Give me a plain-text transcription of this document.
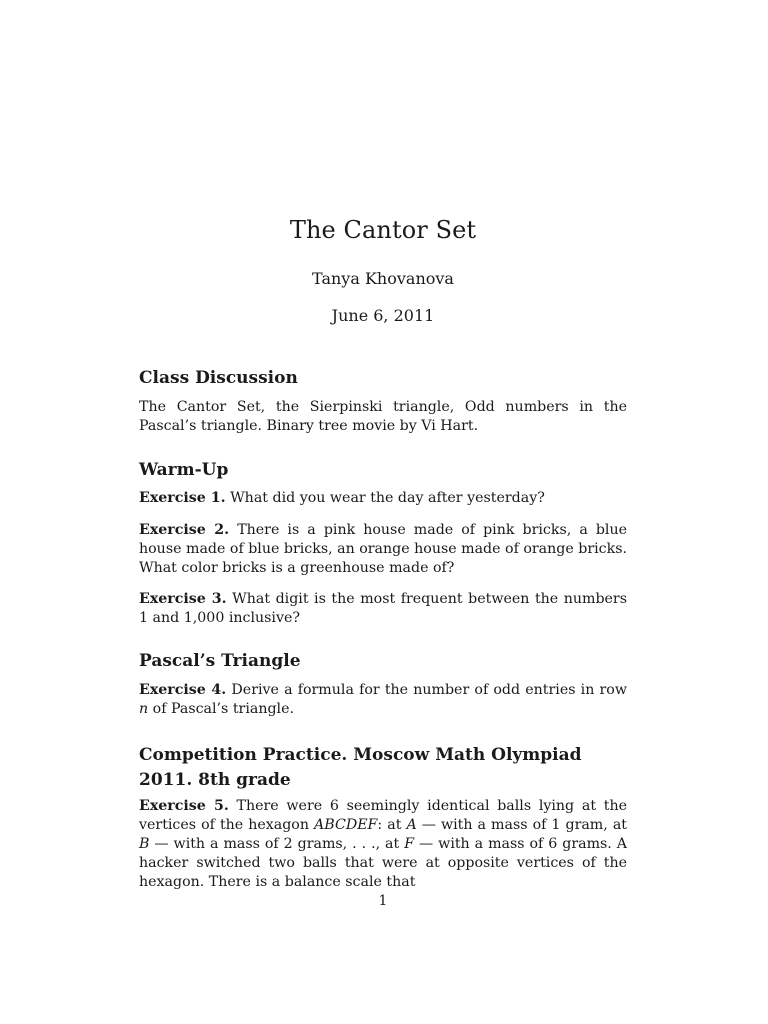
The Cantor Set
Tanya Khovanova
June 6, 2011
Class Discussion
The Cantor Set, the Sierpinski triangle, Odd numbers in the Pascal’s triangle. Binary tree movie by Vi Hart.
Warm-Up
Exercise 1. What did you wear the day after yesterday?
Exercise 2. There is a pink house made of pink bricks, a blue house made of blue bricks, an orange house made of orange bricks. What color bricks is a greenhouse made of?
Exercise 3. What digit is the most frequent between the numbers 1 and 1,000 inclusive?
Pascal’s Triangle
Exercise 4. Derive a formula for the number of odd entries in row n of Pascal’s triangle.
Competition Practice. Moscow Math Olympiad 2011. 8th grade
Exercise 5. There were 6 seemingly identical balls lying at the vertices of the hexagon ABCDEF: at A — with a mass of 1 gram, at B — with a mass of 2 grams, . . ., at F — with a mass of 6 grams. A hacker switched two balls that were at opposite vertices of the hexagon. There is a balance scale that
1
